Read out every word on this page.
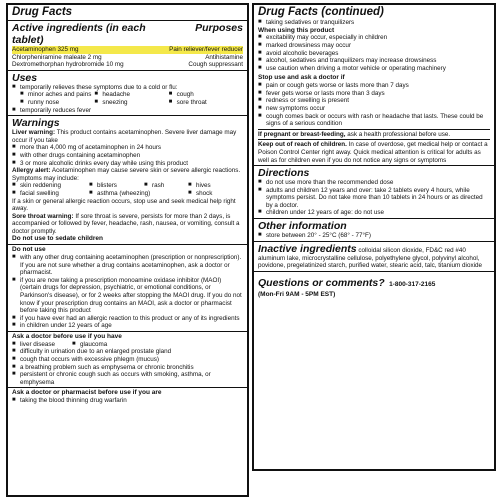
Drug Facts
Active ingredients (in each tablet)
Purposes
Acetaminophen 325 mg	Pain reliever/fever reducer
Chlorpheniramine maleate 2 mg	Antihistamine
Dextromethorphan hydrobromide 10 mg	Cough suppressant
Uses
■ temporarily relieves these symptoms due to a cold or flu:
■ minor aches and pains	■ headache	■ cough
■ runny nose	■ sneezing	■ sore throat
■ temporarily reduces fever
Warnings
Liver warning: This product contains acetaminophen. Severe liver damage may occur if you take
■ more than 4,000 mg of acetaminophen in 24 hours
■ with other drugs containing acetaminophen
■ 3 or more alcoholic drinks every day while using this product
Allergy alert: Acetaminophen may cause severe skin or severe allergic reactions. Symptoms may include:
■ skin reddening	■ blisters	■ rash	■ hives
■ facial swelling	■ asthma (wheezing)	■ shock
If a skin or general allergic reaction occurs, stop use and seek medical help right away.
Sore throat warning: If sore throat is severe, persists for more than 2 days, is accompanied or followed by fever, headache, rash, nausea, or vomiting, consult a doctor promptly.
Do not use to sedate children
Do not use
■ with any other drug containing acetaminophen (prescription or nonprescription). If you are not sure whether a drug contains acetaminophen, ask a doctor or pharmacist.
■ if you are now taking a prescription monoamine oxidase inhibitor (MAOI) (certain drugs for depression, psychiatric, or emotional conditions, or Parkinson's disease), or for 2 weeks after stopping the MAOI drug. If you do not know if your prescription drug contains an MAOI, ask a doctor or pharmacist before taking this product
■ if you have ever had an allergic reaction to this product or any of its ingredients
■ in children under 12 years of age
Ask a doctor before use if you have
■ liver disease	■ glaucoma
■ difficulty in urination due to an enlarged prostate gland
■ cough that occurs with excessive phlegm (mucus)
■ a breathing problem such as emphysema or chronic bronchitis
■ persistent or chronic cough such as occurs with smoking, asthma, or emphysema
Ask a doctor or pharmacist before use if you are
■ taking the blood thinning drug warfarin
Drug Facts (continued)
■ taking sedatives or tranquilizers
When using this product
■ excitability may occur, especially in children
■ marked drowsiness may occur
■ avoid alcoholic beverages
■ alcohol, sedatives and tranquilizers may increase drowsiness
■ use caution when driving a motor vehicle or operating machinery
Stop use and ask a doctor if
■ pain or cough gets worse or lasts more than 7 days
■ fever gets worse or lasts more than 3 days
■ redness or swelling is present
■ new symptoms occur
■ cough comes back or occurs with rash or headache that lasts. These could be signs of a serious condition
If pregnant or breast-feeding, ask a health professional before use.
Keep out of reach of children. In case of overdose, get medical help or contact a Poison Control Center right away. Quick medical attention is critical for adults as well as for children even if you do not notice any signs or symptoms
Directions
■ do not use more than the recommended dose
■ adults and children 12 years and over: take 2 tablets every 4 hours, while symptoms persist. Do not take more than 10 tablets in 24 hours or as directed by a doctor.
■ children under 12 years of age: do not use
Other information
■ store between 20° - 25°C (68° - 77°F)
Inactive ingredients colloidal silicon dioxide, FD&C red #40 aluminum lake, microcrystalline cellulose, polyethylene glycol, polyvinyl alcohol, povidone, pregelatinized starch, purified water, stearic acid, talc, titanium dioxide
Questions or comments? 1-800-317-2165
(Mon-Fri 9AM - 5PM EST)
